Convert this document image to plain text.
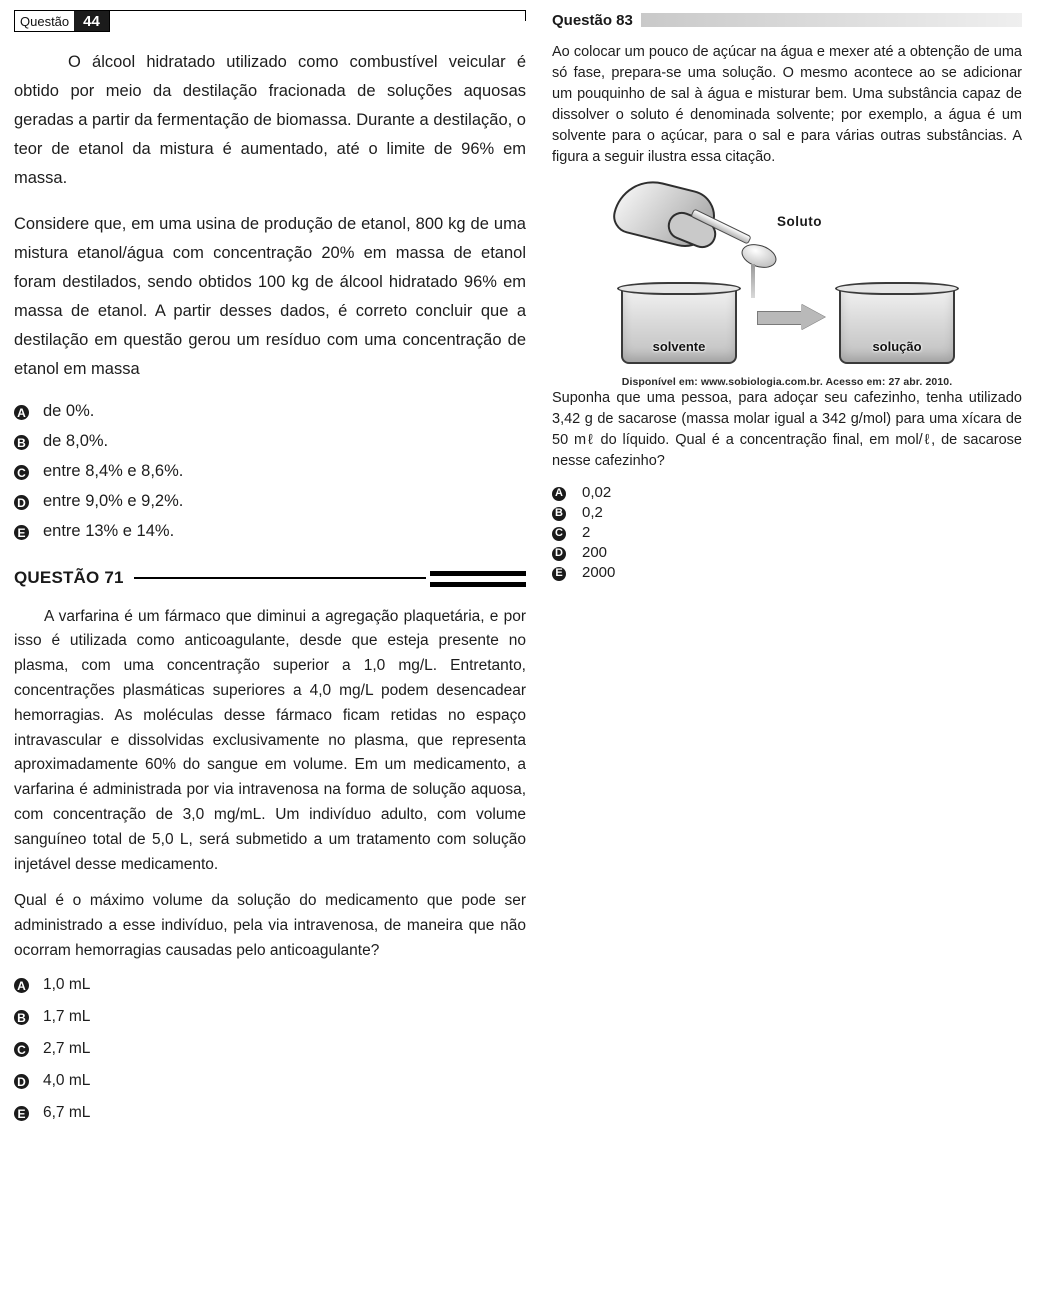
Questão 44

O álcool hidratado utilizado como combustível veicular é obtido por meio da destilação fracionada de soluções aquosas geradas a partir da fermentação de biomassa. Durante a destilação, o teor de etanol da mistura é aumentado, até o limite de 96% em massa.

Considere que, em uma usina de produção de etanol, 800 kg de uma mistura etanol/água com concentração 20% em massa de etanol foram destilados, sendo obtidos 100 kg de álcool hidratado 96% em massa de etanol. A partir desses dados, é correto concluir que a destilação em questão gerou um resíduo com uma concentração de etanol em massa

A de 0%.
B de 8,0%.
C entre 8,4% e 8,6%.
D entre 9,0% e 9,2%.
E entre 13% e 14%.
QUESTÃO 71

A varfarina é um fármaco que diminui a agregação plaquetária, e por isso é utilizada como anticoagulante, desde que esteja presente no plasma, com uma concentração superior a 1,0 mg/L. Entretanto, concentrações plasmáticas superiores a 4,0 mg/L podem desencadear hemorragias. As moléculas desse fármaco ficam retidas no espaço intravascular e dissolvidas exclusivamente no plasma, que representa aproximadamente 60% do sangue em volume. Em um medicamento, a varfarina é administrada por via intravenosa na forma de solução aquosa, com concentração de 3,0 mg/mL. Um indivíduo adulto, com volume sanguíneo total de 5,0 L, será submetido a um tratamento com solução injetável desse medicamento.

Qual é o máximo volume da solução do medicamento que pode ser administrado a esse indivíduo, pela via intravenosa, de maneira que não ocorram hemorragias causadas pelo anticoagulante?

A 1,0 mL
B 1,7 mL
C 2,7 mL
D 4,0 mL
E 6,7 mL
Questão 83

Ao colocar um pouco de açúcar na água e mexer até a obtenção de uma só fase, prepara-se uma solução. O mesmo acontece ao se adicionar um pouquinho de sal à água e misturar bem. Uma substância capaz de dissolver o soluto é denominada solvente; por exemplo, a água é um solvente para o açúcar, para o sal e para várias outras substâncias. A figura a seguir ilustra essa citação.

Soluto
solvente	solução
Disponível em: www.sobiologia.com.br. Acesso em: 27 abr. 2010.

Suponha que uma pessoa, para adoçar seu cafezinho, tenha utilizado 3,42 g de sacarose (massa molar igual a 342 g/mol) para uma xícara de 50 mℓ do líquido. Qual é a concentração final, em mol/ℓ, de sacarose nesse cafezinho?

A 0,02
B 0,2
C 2
D 200
E 2000
